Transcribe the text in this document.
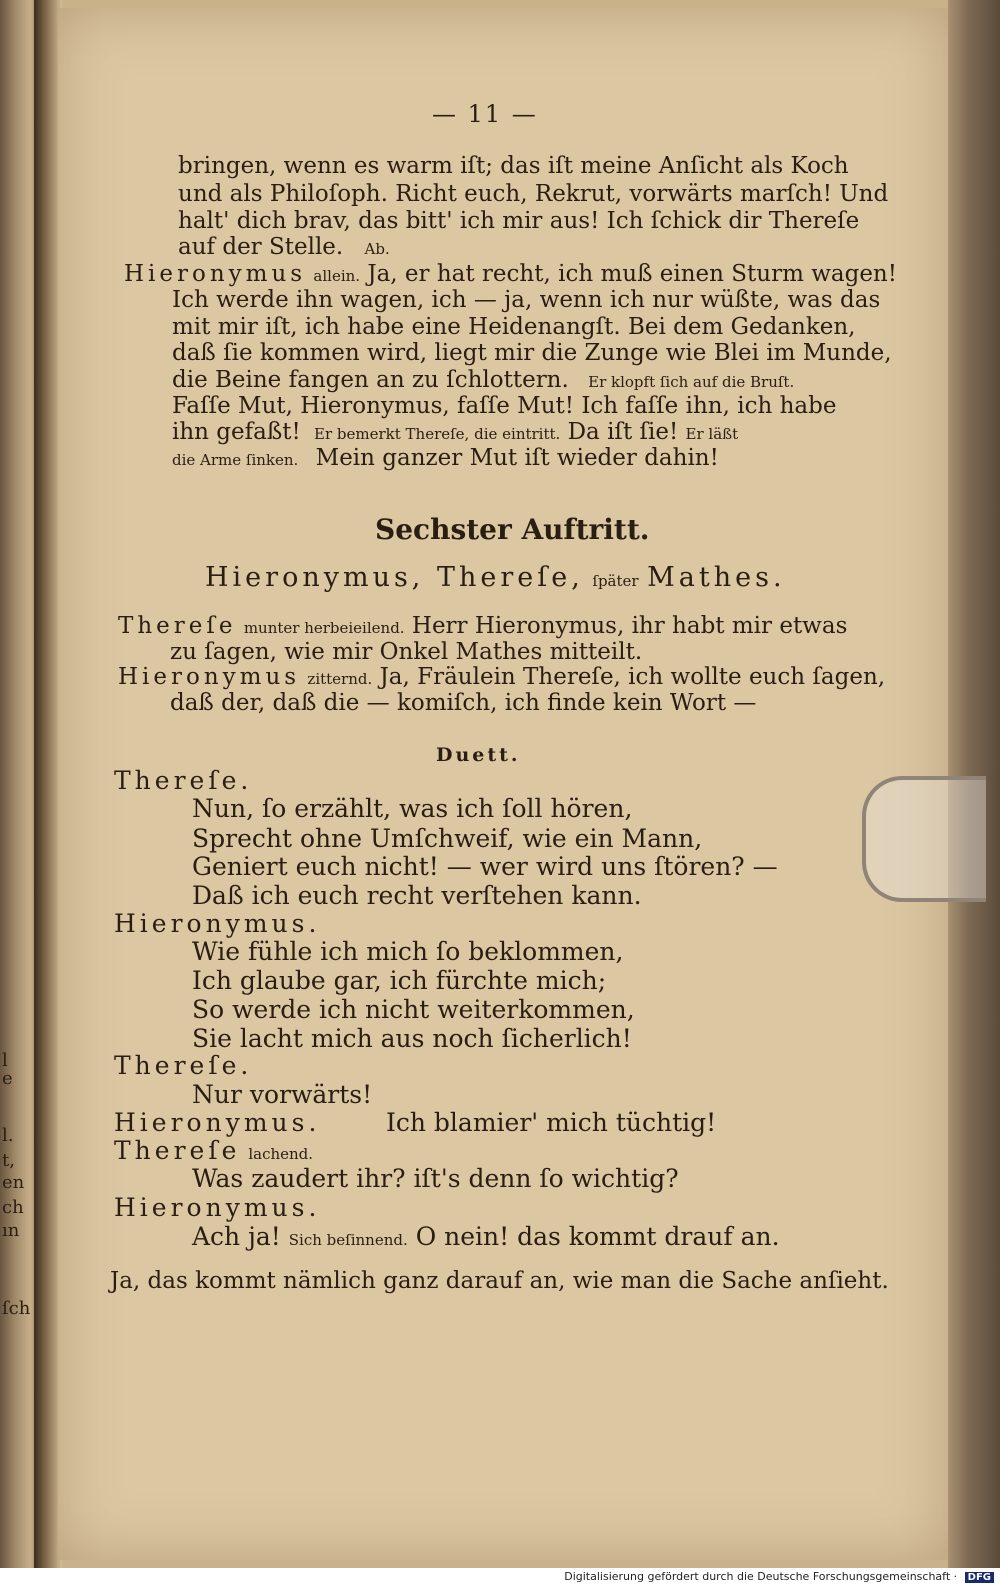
l
e
l.
t,
en
ch
ın
ſch
— 11 —
bringen, wenn es warm iſt; das iſt meine Anſicht als Koch
und als Philoſoph. Richt euch, Rekrut, vorwärts marſch! Und
halt' dich brav, das bitt' ich mir aus! Ich ſchick dir Thereſe
auf der Stelle. Ab.
Hieronymus allein. Ja, er hat recht, ich muß einen Sturm wagen!
Ich werde ihn wagen, ich — ja, wenn ich nur wüßte, was das
mit mir iſt, ich habe eine Heidenangſt. Bei dem Gedanken,
daß ſie kommen wird, liegt mir die Zunge wie Blei im Munde,
die Beine fangen an zu ſchlottern. Er klopft ſich auf die Bruſt.
Faſſe Mut, Hieronymus, faſſe Mut! Ich faſſe ihn, ich habe
ihn gefaßt! Er bemerkt Thereſe, die eintritt. Da iſt ſie! Er läßt
die Arme ſinken. Mein ganzer Mut iſt wieder dahin!
Sechster Auftritt.
Hieronymus, Thereſe, ſpäter Mathes.
Thereſe munter herbeieilend. Herr Hieronymus, ihr habt mir etwas
zu ſagen, wie mir Onkel Mathes mitteilt.
Hieronymus zitternd. Ja, Fräulein Thereſe, ich wollte euch ſagen,
daß der, daß die — komiſch, ich finde kein Wort —
Duett.
Thereſe.
Nun, ſo erzählt, was ich ſoll hören,
Sprecht ohne Umſchweif, wie ein Mann,
Geniert euch nicht! — wer wird uns ſtören? —
Daß ich euch recht verſtehen kann.
Hieronymus.
Wie fühle ich mich ſo beklommen,
Ich glaube gar, ich fürchte mich;
So werde ich nicht weiterkommen,
Sie lacht mich aus noch ſicherlich!
Thereſe.
Nur vorwärts!
Hieronymus.	Ich blamier' mich tüchtig!
Thereſe lachend.
Was zaudert ihr? iſt's denn ſo wichtig?
Hieronymus.
Ach ja! Sich beſinnend. O nein! das kommt drauf an.
Ja, das kommt nämlich ganz darauf an, wie man die Sache anſieht.
Digitalisierung gefördert durch die Deutsche Forschungsgemeinschaft · DFG
